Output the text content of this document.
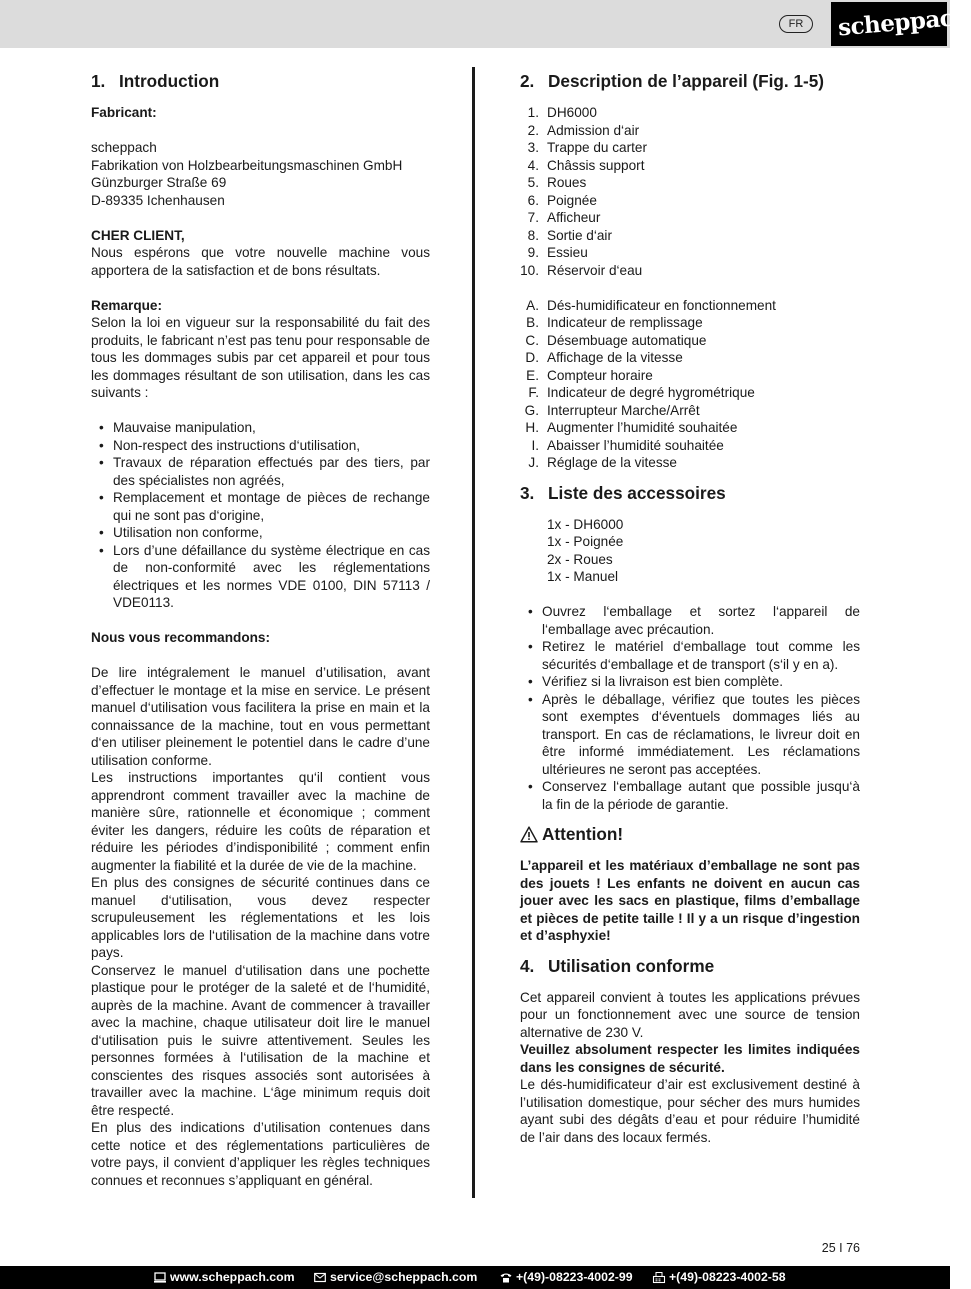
FR	scheppach
1. Introduction

Fabricant:

scheppach

Fabrikation von Holzbearbeitungsmaschinen GmbH

Günzburger Straße 69

D-89335 Ichenhausen

CHER CLIENT,

Nous espérons que votre nouvelle machine vous apportera de la satisfaction et de bons résultats.

Remarque:

Selon la loi en vigueur sur la responsabilité du fait des produits, le fabricant n’est pas tenu pour responsable de tous les dommages subis par cet appareil et pour tous les dommages résultant de son utilisation, dans les cas suivants :

• Mauvaise manipulation,
• Non-respect des instructions d‘utilisation,
• Travaux de réparation effectués par des tiers, par des spécialistes non agréés,
• Remplacement et montage de pièces de rechange qui ne sont pas d‘origine,
• Utilisation non conforme,
• Lors d’une défaillance du système électrique en cas de non-conformité avec les réglementations électriques et les normes VDE 0100, DIN 57113 / VDE0113.

Nous vous recommandons:

De lire intégralement le manuel d’utilisation, avant d’effectuer le montage et la mise en service. Le présent manuel d‘utilisation vous facilitera la prise en main et la connaissance de la machine, tout en vous permettant d‘en utiliser pleinement le potentiel dans le cadre d’une utilisation conforme.

Les instructions importantes qu‘il contient vous apprendront comment travailler avec la machine de manière sûre, rationnelle et économique ; comment éviter les dangers, réduire les coûts de réparation et réduire les périodes d’indisponibilité ; comment enfin augmenter la fiabilité et la durée de vie de la machine.

En plus des consignes de sécurité continues dans ce manuel d‘utilisation, vous devez respecter scrupuleusement les réglementations et les lois applicables lors de l‘utilisation de la machine dans votre pays.

Conservez le manuel d‘utilisation dans une pochette plastique pour le protéger de la saleté et de l‘humidité, auprès de la machine. Avant de commencer à travailler avec la machine, chaque utilisateur doit lire le manuel d‘utilisation puis le suivre attentivement. Seules les personnes formées à l‘utilisation de la machine et conscientes des risques associés sont autorisées à travailler avec la machine. L‘âge minimum requis doit être respecté.

En plus des indications d’utilisation contenues dans cette notice et des réglementations particulières de votre pays, il convient d’appliquer les règles techniques connues et reconnues s’appliquant en général.

2. Description de l’appareil (Fig. 1-5)
1. DH6000
2. Admission d‘air
3. Trappe du carter
4. Châssis support
5. Roues
6. Poignée
7. Afficheur
8. Sortie d‘air
9. Essieu
10. Réservoir d‘eau
A. Dés-humidificateur en fonctionnement
B. Indicateur de remplissage
C. Désembuage automatique
D. Affichage de la vitesse
E. Compteur horaire
F. Indicateur de degré hygrométrique
G. Interrupteur Marche/Arrêt
H. Augmenter l’humidité souhaitée
I. Abaisser l’humidité souhaitée
J. Réglage de la vitesse
3. Liste des accessoires

1x - DH6000

1x - Poignée

2x - Roues

1x - Manuel

• Ouvrez l‘emballage et sortez l‘appareil de l‘emballage avec précaution.
• Retirez le matériel d‘emballage tout comme les sécurités d‘emballage et de transport (s‘il y en a).
• Vérifiez si la livraison est bien complète.
• Après le déballage, vérifiez que toutes les pièces sont exemptes d‘éventuels dommages liés au transport. En cas de réclamations, le livreur doit en être informé immédiatement. Les réclamations ultérieures ne seront pas acceptées.
• Conservez l‘emballage autant que possible jusqu‘à la fin de la période de garantie.
Attention!

L’appareil et les matériaux d’emballage ne sont pas des jouets ! Les enfants ne doivent en aucun cas jouer avec les sacs en plastique, films d’emballage et pièces de petite taille ! Il y a un risque d’ingestion et d’asphyxie!

4. Utilisation conforme

Cet appareil convient à toutes les applications prévues pour un fonctionnement avec une source de tension alternative de 230 V.

Veuillez absolument respecter les limites indiquées dans les consignes de sécurité.

Le dés-humidificateur d’air est exclusivement destiné à l’utilisation domestique, pour sécher des murs humides ayant subi des dégâts d’eau et pour réduire l’humidité de l’air dans des locaux fermés.

25 I 76
www.scheppach.com	service@scheppach.com	+(49)-08223-4002-99	+(49)-08223-4002-58
